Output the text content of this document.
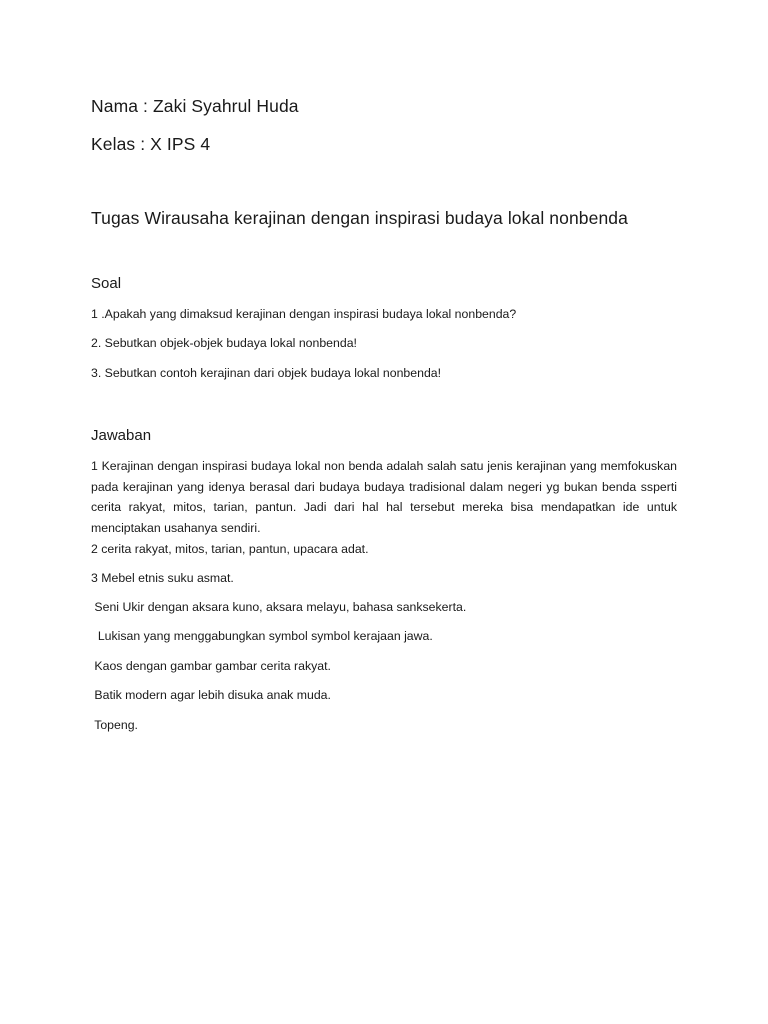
Nama : Zaki Syahrul Huda

Kelas : X IPS 4

Tugas Wirausaha kerajinan dengan inspirasi budaya lokal nonbenda

Soal

1 .Apakah yang dimaksud kerajinan dengan inspirasi budaya lokal nonbenda?

2. Sebutkan objek-objek budaya lokal nonbenda!

3. Sebutkan contoh kerajinan dari objek budaya lokal nonbenda!

Jawaban

1 Kerajinan dengan inspirasi budaya lokal non benda adalah salah satu jenis kerajinan yang memfokuskan pada kerajinan yang idenya berasal dari budaya budaya tradisional dalam negeri yg bukan benda ssperti cerita rakyat, mitos, tarian, pantun. Jadi dari hal hal tersebut mereka bisa mendapatkan ide untuk menciptakan usahanya sendiri.

2 cerita rakyat, mitos, tarian, pantun, upacara adat.

3 Mebel etnis suku asmat.

Seni Ukir dengan aksara kuno, aksara melayu, bahasa sanksekerta.

Lukisan yang menggabungkan symbol symbol kerajaan jawa.

Kaos dengan gambar gambar cerita rakyat.

Batik modern agar lebih disuka anak muda.

Topeng.
